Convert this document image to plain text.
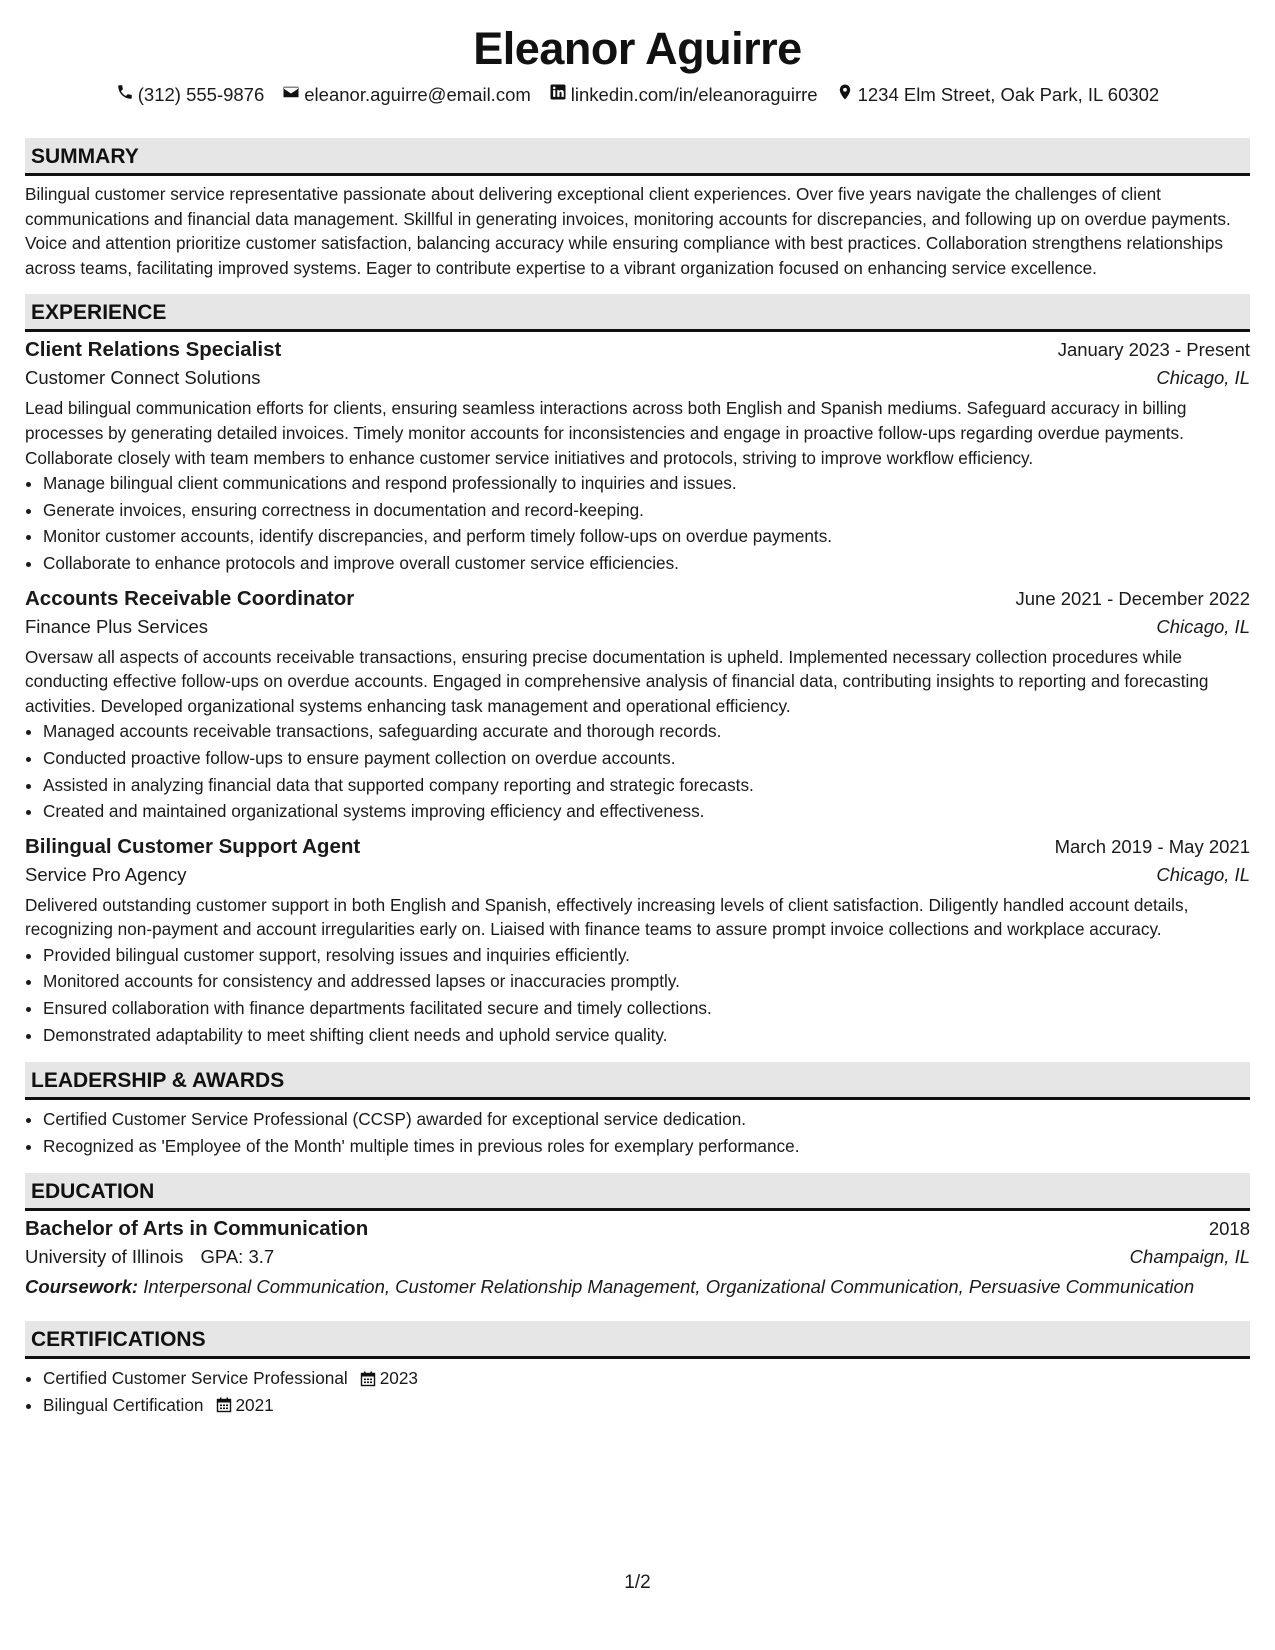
Eleanor Aguirre
(312) 555-9876 eleanor.aguirre@email.com linkedin.com/in/eleanoraguirre 1234 Elm Street, Oak Park, IL 60302
SUMMARY

Bilingual customer service representative passionate about delivering exceptional client experiences. Over five years navigate the challenges of client communications and financial data management. Skillful in generating invoices, monitoring accounts for discrepancies, and following up on overdue payments. Voice and attention prioritize customer satisfaction, balancing accuracy while ensuring compliance with best practices. Collaboration strengthens relationships across teams, facilitating improved systems. Eager to contribute expertise to a vibrant organization focused on enhancing service excellence.

EXPERIENCE
Client Relations Specialist	January 2023 - Present
Customer Connect Solutions	Chicago, IL

Lead bilingual communication efforts for clients, ensuring seamless interactions across both English and Spanish mediums. Safeguard accuracy in billing processes by generating detailed invoices. Timely monitor accounts for inconsistencies and engage in proactive follow-ups regarding overdue payments. Collaborate closely with team members to enhance customer service initiatives and protocols, striving to improve workflow efficiency.

• Manage bilingual client communications and respond professionally to inquiries and issues.
• Generate invoices, ensuring correctness in documentation and record-keeping.
• Monitor customer accounts, identify discrepancies, and perform timely follow-ups on overdue payments.
• Collaborate to enhance protocols and improve overall customer service efficiencies.
Accounts Receivable Coordinator	June 2021 - December 2022
Finance Plus Services	Chicago, IL

Oversaw all aspects of accounts receivable transactions, ensuring precise documentation is upheld. Implemented necessary collection procedures while conducting effective follow-ups on overdue accounts. Engaged in comprehensive analysis of financial data, contributing insights to reporting and forecasting activities. Developed organizational systems enhancing task management and operational efficiency.

• Managed accounts receivable transactions, safeguarding accurate and thorough records.
• Conducted proactive follow-ups to ensure payment collection on overdue accounts.
• Assisted in analyzing financial data that supported company reporting and strategic forecasts.
• Created and maintained organizational systems improving efficiency and effectiveness.
Bilingual Customer Support Agent	March 2019 - May 2021
Service Pro Agency	Chicago, IL

Delivered outstanding customer support in both English and Spanish, effectively increasing levels of client satisfaction. Diligently handled account details, recognizing non-payment and account irregularities early on. Liaised with finance teams to assure prompt invoice collections and workplace accuracy.

• Provided bilingual customer support, resolving issues and inquiries efficiently.
• Monitored accounts for consistency and addressed lapses or inaccuracies promptly.
• Ensured collaboration with finance departments facilitated secure and timely collections.
• Demonstrated adaptability to meet shifting client needs and uphold service quality.
LEADERSHIP & AWARDS
• Certified Customer Service Professional (CCSP) awarded for exceptional service dedication.
• Recognized as 'Employee of the Month' multiple times in previous roles for exemplary performance.
EDUCATION
Bachelor of Arts in Communication	2018
University of Illinois GPA: 3.7	Champaign, IL

Coursework: Interpersonal Communication, Customer Relationship Management, Organizational Communication, Persuasive Communication

CERTIFICATIONS
• Certified Customer Service Professional 2023
• Bilingual Certification 2021
1/2
